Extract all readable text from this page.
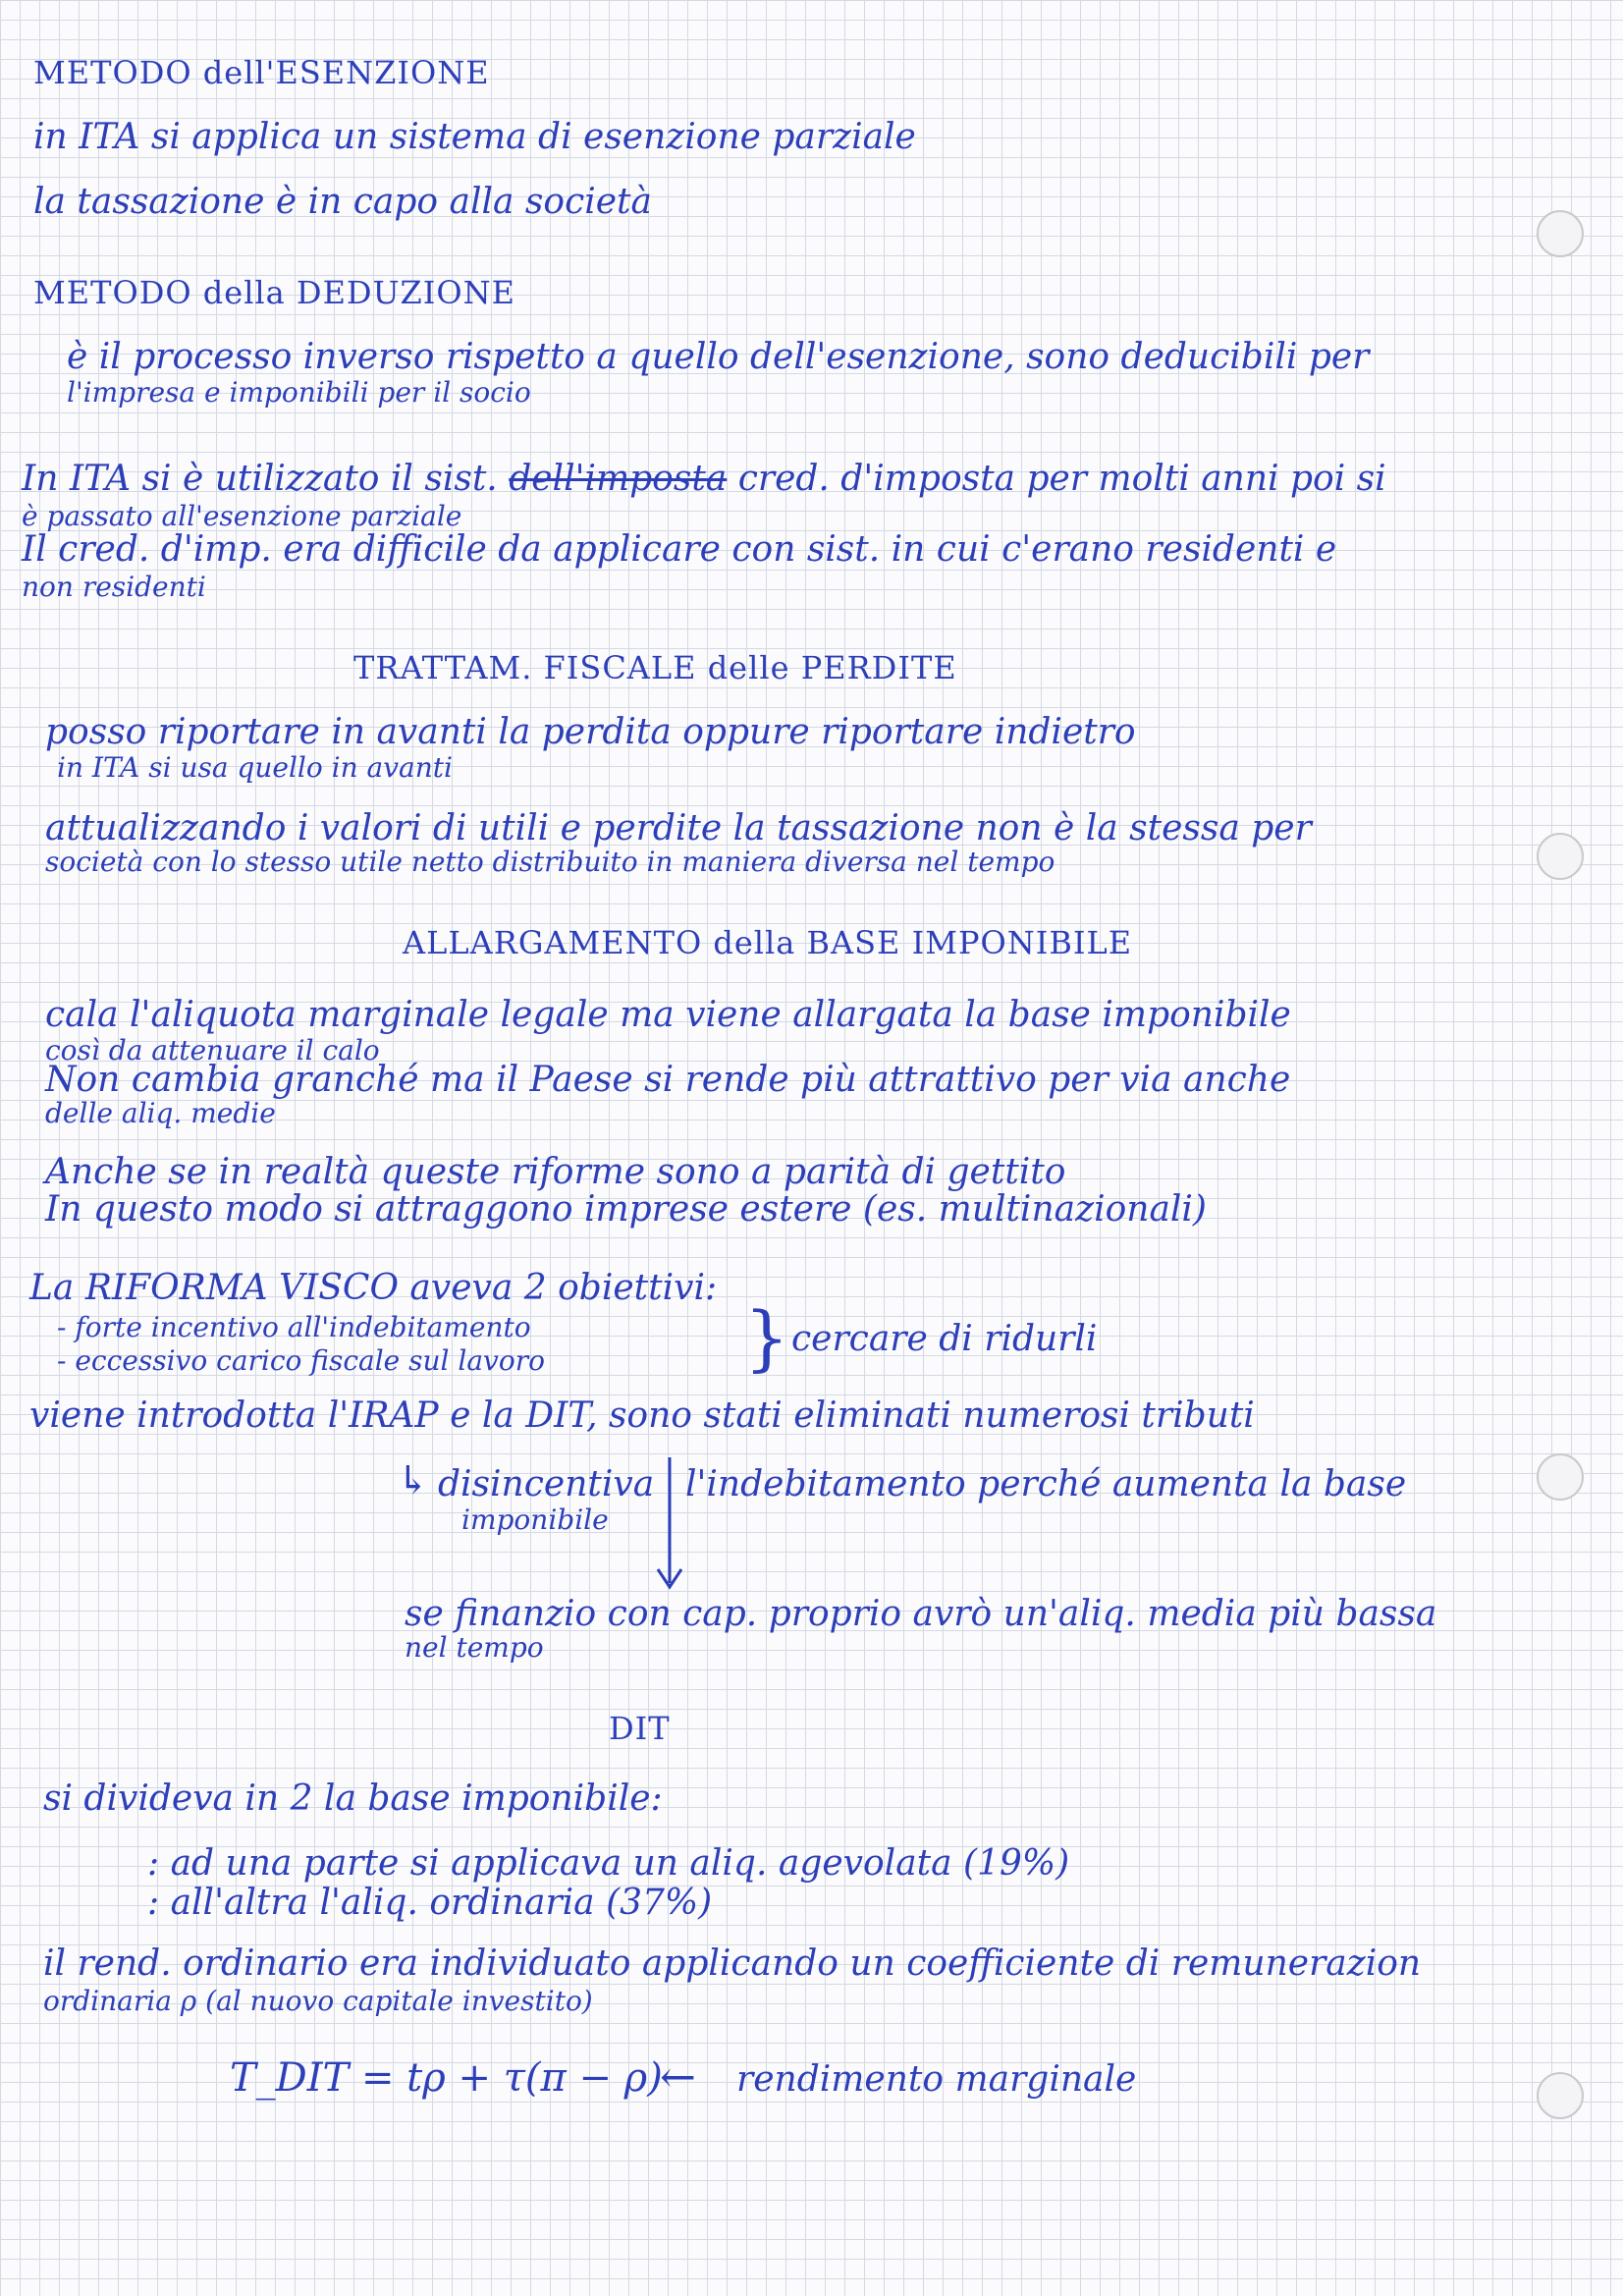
METODO dell'ESENZIONE
in ITA si applica un sistema di esenzione parziale
la tassazione è in capo alla società
METODO della DEDUZIONE
è il processo inverso rispetto a quello dell'esenzione, sono deducibili per
l'impresa e imponibili per il socio
In ITA si è utilizzato il sist. dell'imposta cred. d'imposta per molti anni poi si
è passato all'esenzione parziale
Il cred. d'imp. era difficile da applicare con sist. in cui c'erano residenti e
non residenti
TRATTAM. FISCALE delle PERDITE
posso riportare in avanti la perdita oppure riportare indietro
in ITA si usa quello in avanti
attualizzando i valori di utili e perdite la tassazione non è la stessa per
società con lo stesso utile netto distribuito in maniera diversa nel tempo
ALLARGAMENTO della BASE IMPONIBILE
cala l'aliquota marginale legale ma viene allargata la base imponibile
così da attenuare il calo
Non cambia granché ma il Paese si rende più attrattivo per via anche
delle aliq. medie
Anche se in realtà queste riforme sono a parità di gettito
In questo modo si attraggono imprese estere (es. multinazionali)
La RIFORMA VISCO aveva 2 obiettivi:
- forte incentivo all'indebitamento
- eccessivo carico fiscale sul lavoro	} cercare di ridurli
viene introdotta l'IRAP e la DIT, sono stati eliminati numerosi tributi
↳ disincentiva
imponibile
l'indebitamento perché aumenta la base
se finanzio con cap. proprio avrò un'aliq. media più bassa
nel tempo
DIT
si divideva in 2 la base imponibile:
: ad una parte si applicava un aliq. agevolata (19%)
: all'altra l'aliq. ordinaria (37%)
il rend. ordinario era individuato applicando un coefficiente di remunerazion
ordinaria ρ (al nuovo capitale investito)
T_DIT = tρ + τ(π − ρ)
← rendimento marginale
